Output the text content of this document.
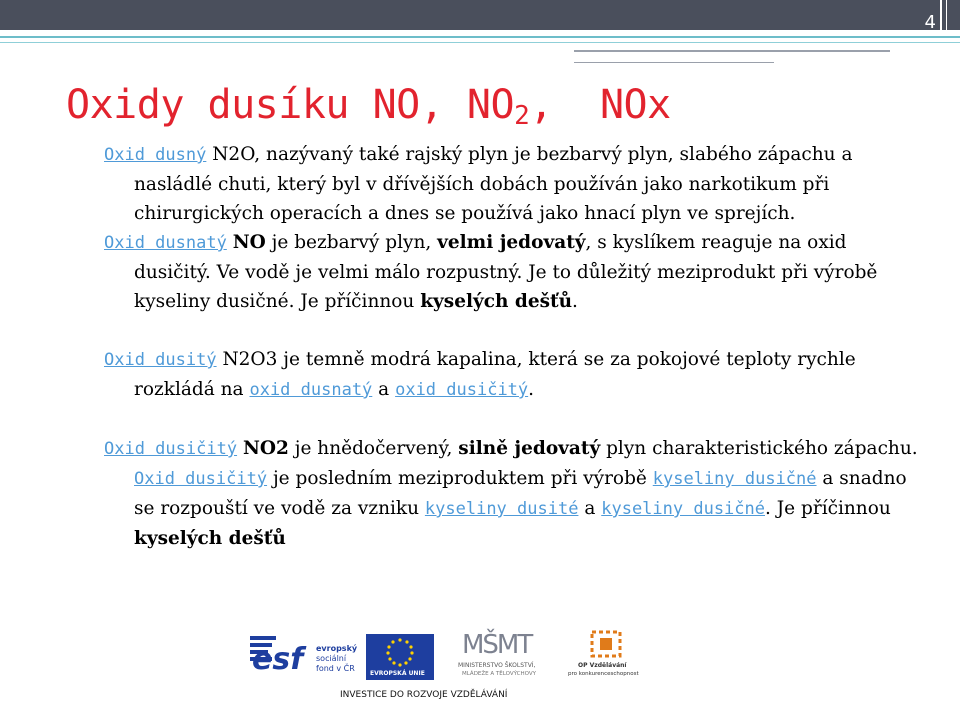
4
Oxidy dusíku NO, $NO_2$,  NOx

Oxid dusný N2O, nazývaný také rajský plyn je bezbarvý plyn, slabého zápachu a nasládlé chuti, který byl v dřívějších dobách používán jako narkotikum při chirurgických operacích a dnes se používá jako hnací plyn ve sprejích.

Oxid dusnatý NO je bezbarvý plyn, velmi jedovatý, s kyslíkem reaguje na oxid dusičitý. Ve vodě je velmi málo rozpustný. Je to důležitý meziprodukt při výrobě kyseliny dusičné. Je příčinnou kyselých dešťů.

Oxid dusitý N2O3 je temně modrá kapalina, která se za pokojové teploty rychle rozkládá na oxid dusnatý a oxid dusičitý.

Oxid dusičitý NO2 je hnědočervený, silně jedovatý plyn charakteristického zápachu. Oxid dusičitý je posledním meziproduktem při výrobě kyseliny dusičné a snadno se rozpouští ve vodě za vzniku kyseliny dusité a kyseliny dusičné. Je příčinnou kyselých dešťů

esf evropský
sociální
fond v ČR
EVROPSKÁ UNIE
MŠMT
MINISTERSTVO ŠKOLSTVÍ,
MLÁDEŽE A TĚLOVÝCHOVY
OP Vzdělávání
pro konkurenceschopnost
INVESTICE DO ROZVOJE VZDĚLÁVÁNÍ
